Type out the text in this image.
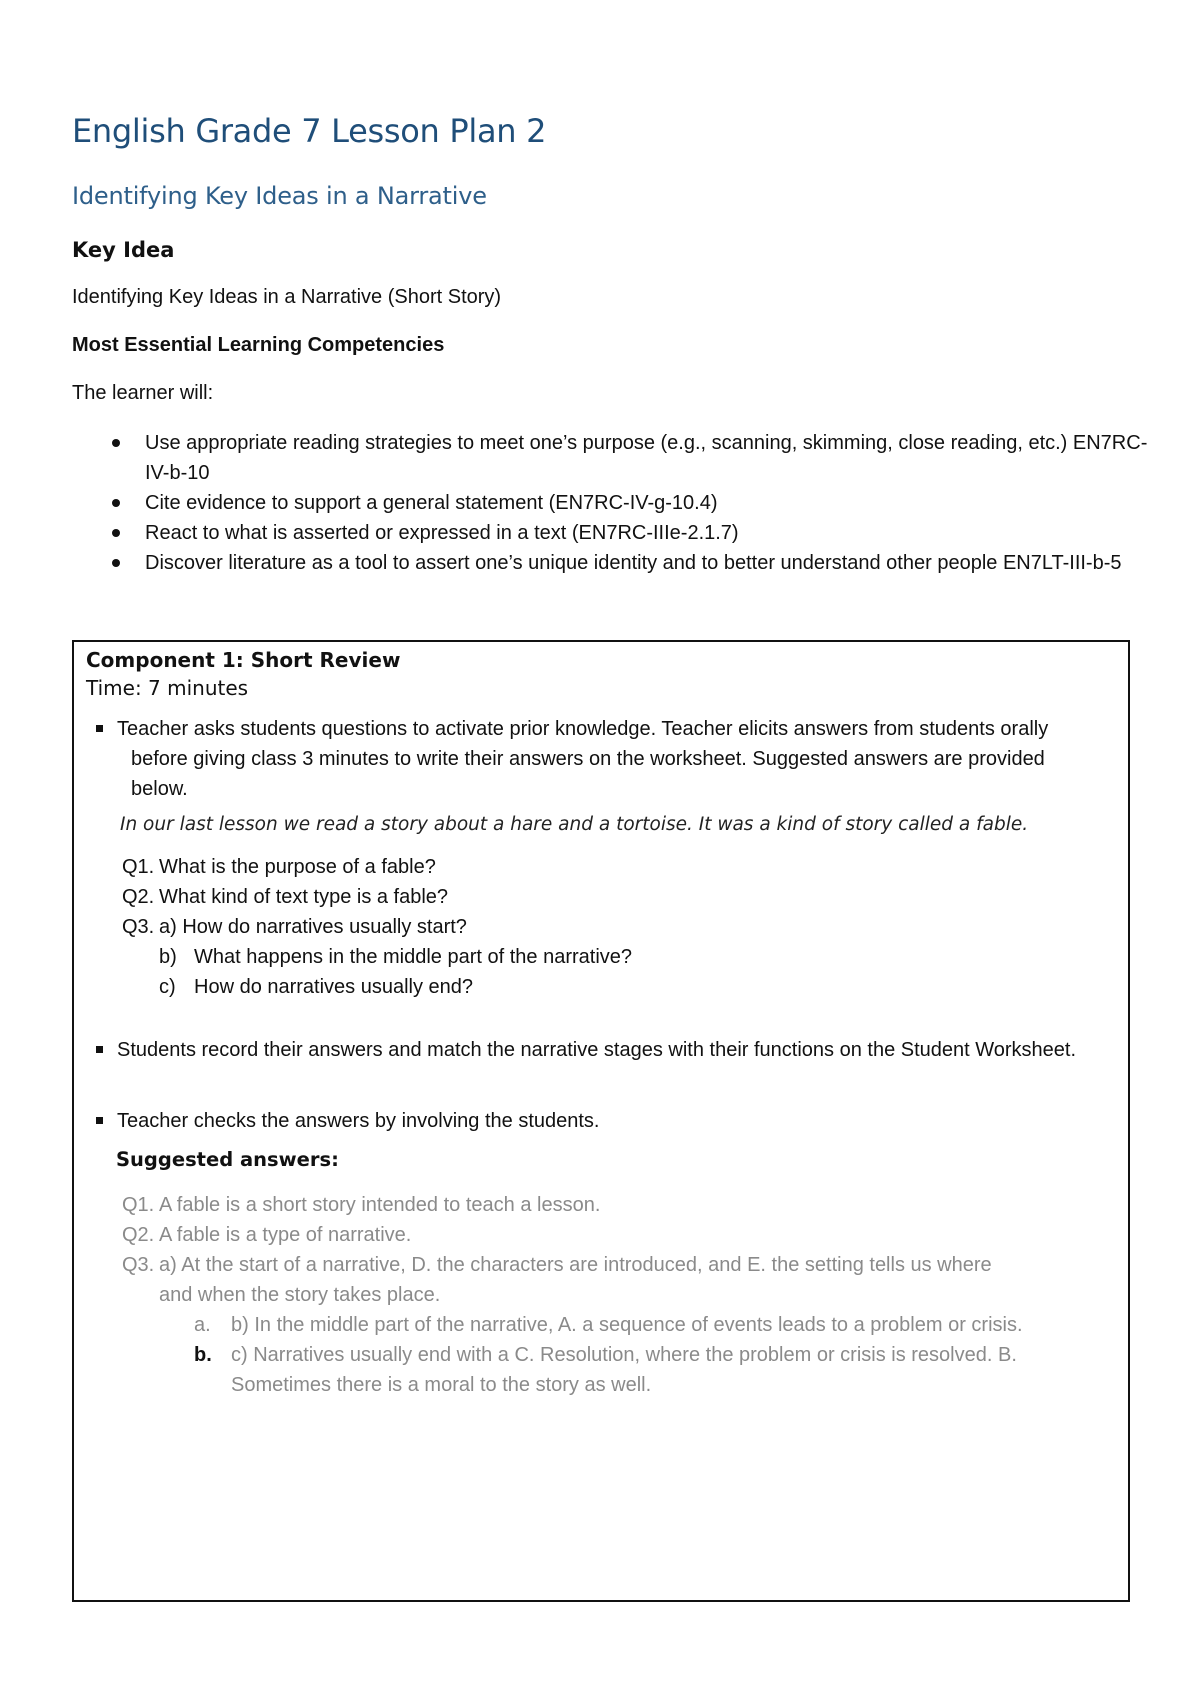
English Grade 7 Lesson Plan 2
Identifying Key Ideas in a Narrative
Key Idea

Identifying Key Ideas in a Narrative (Short Story)

Most Essential Learning Competencies

The learner will:

Use appropriate reading strategies to meet one’s purpose (e.g., scanning, skimming, close reading, etc.) EN7RC-IV-b-10
Cite evidence to support a general statement (EN7RC-IV-g-10.4)
React to what is asserted or expressed in a text (EN7RC-IIIe-2.1.7)
Discover literature as a tool to assert one’s unique identity and to better understand other people EN7LT-III-b-5

Component 1: Short Review

Time: 7 minutes

Teacher asks students questions to activate prior knowledge. Teacher elicits answers from students orally before giving class 3 minutes to write their answers on the worksheet. Suggested answers are provided below.

In our last lesson we read a story about a hare and a tortoise. It was a kind of story called a fable.

Q1. What is the purpose of a fable?

Q2. What kind of text type is a fable?

Q3. a) How do narratives usually start?

b) What happens in the middle part of the narrative?

c) How do narratives usually end?

Students record their answers and match the narrative stages with their functions on the Student Worksheet.
Teacher checks the answers by involving the students.

Suggested answers:

Q1. A fable is a short story intended to teach a lesson.

Q2. A fable is a type of narrative.

Q3. a) At the start of a narrative, D. the characters are introduced, and E. the setting tells us where

and when the story takes place.

a. b) In the middle part of the narrative, A. a sequence of events leads to a problem or crisis.

b. c) Narratives usually end with a C. Resolution, where the problem or crisis is resolved. B.

Sometimes there is a moral to the story as well.
